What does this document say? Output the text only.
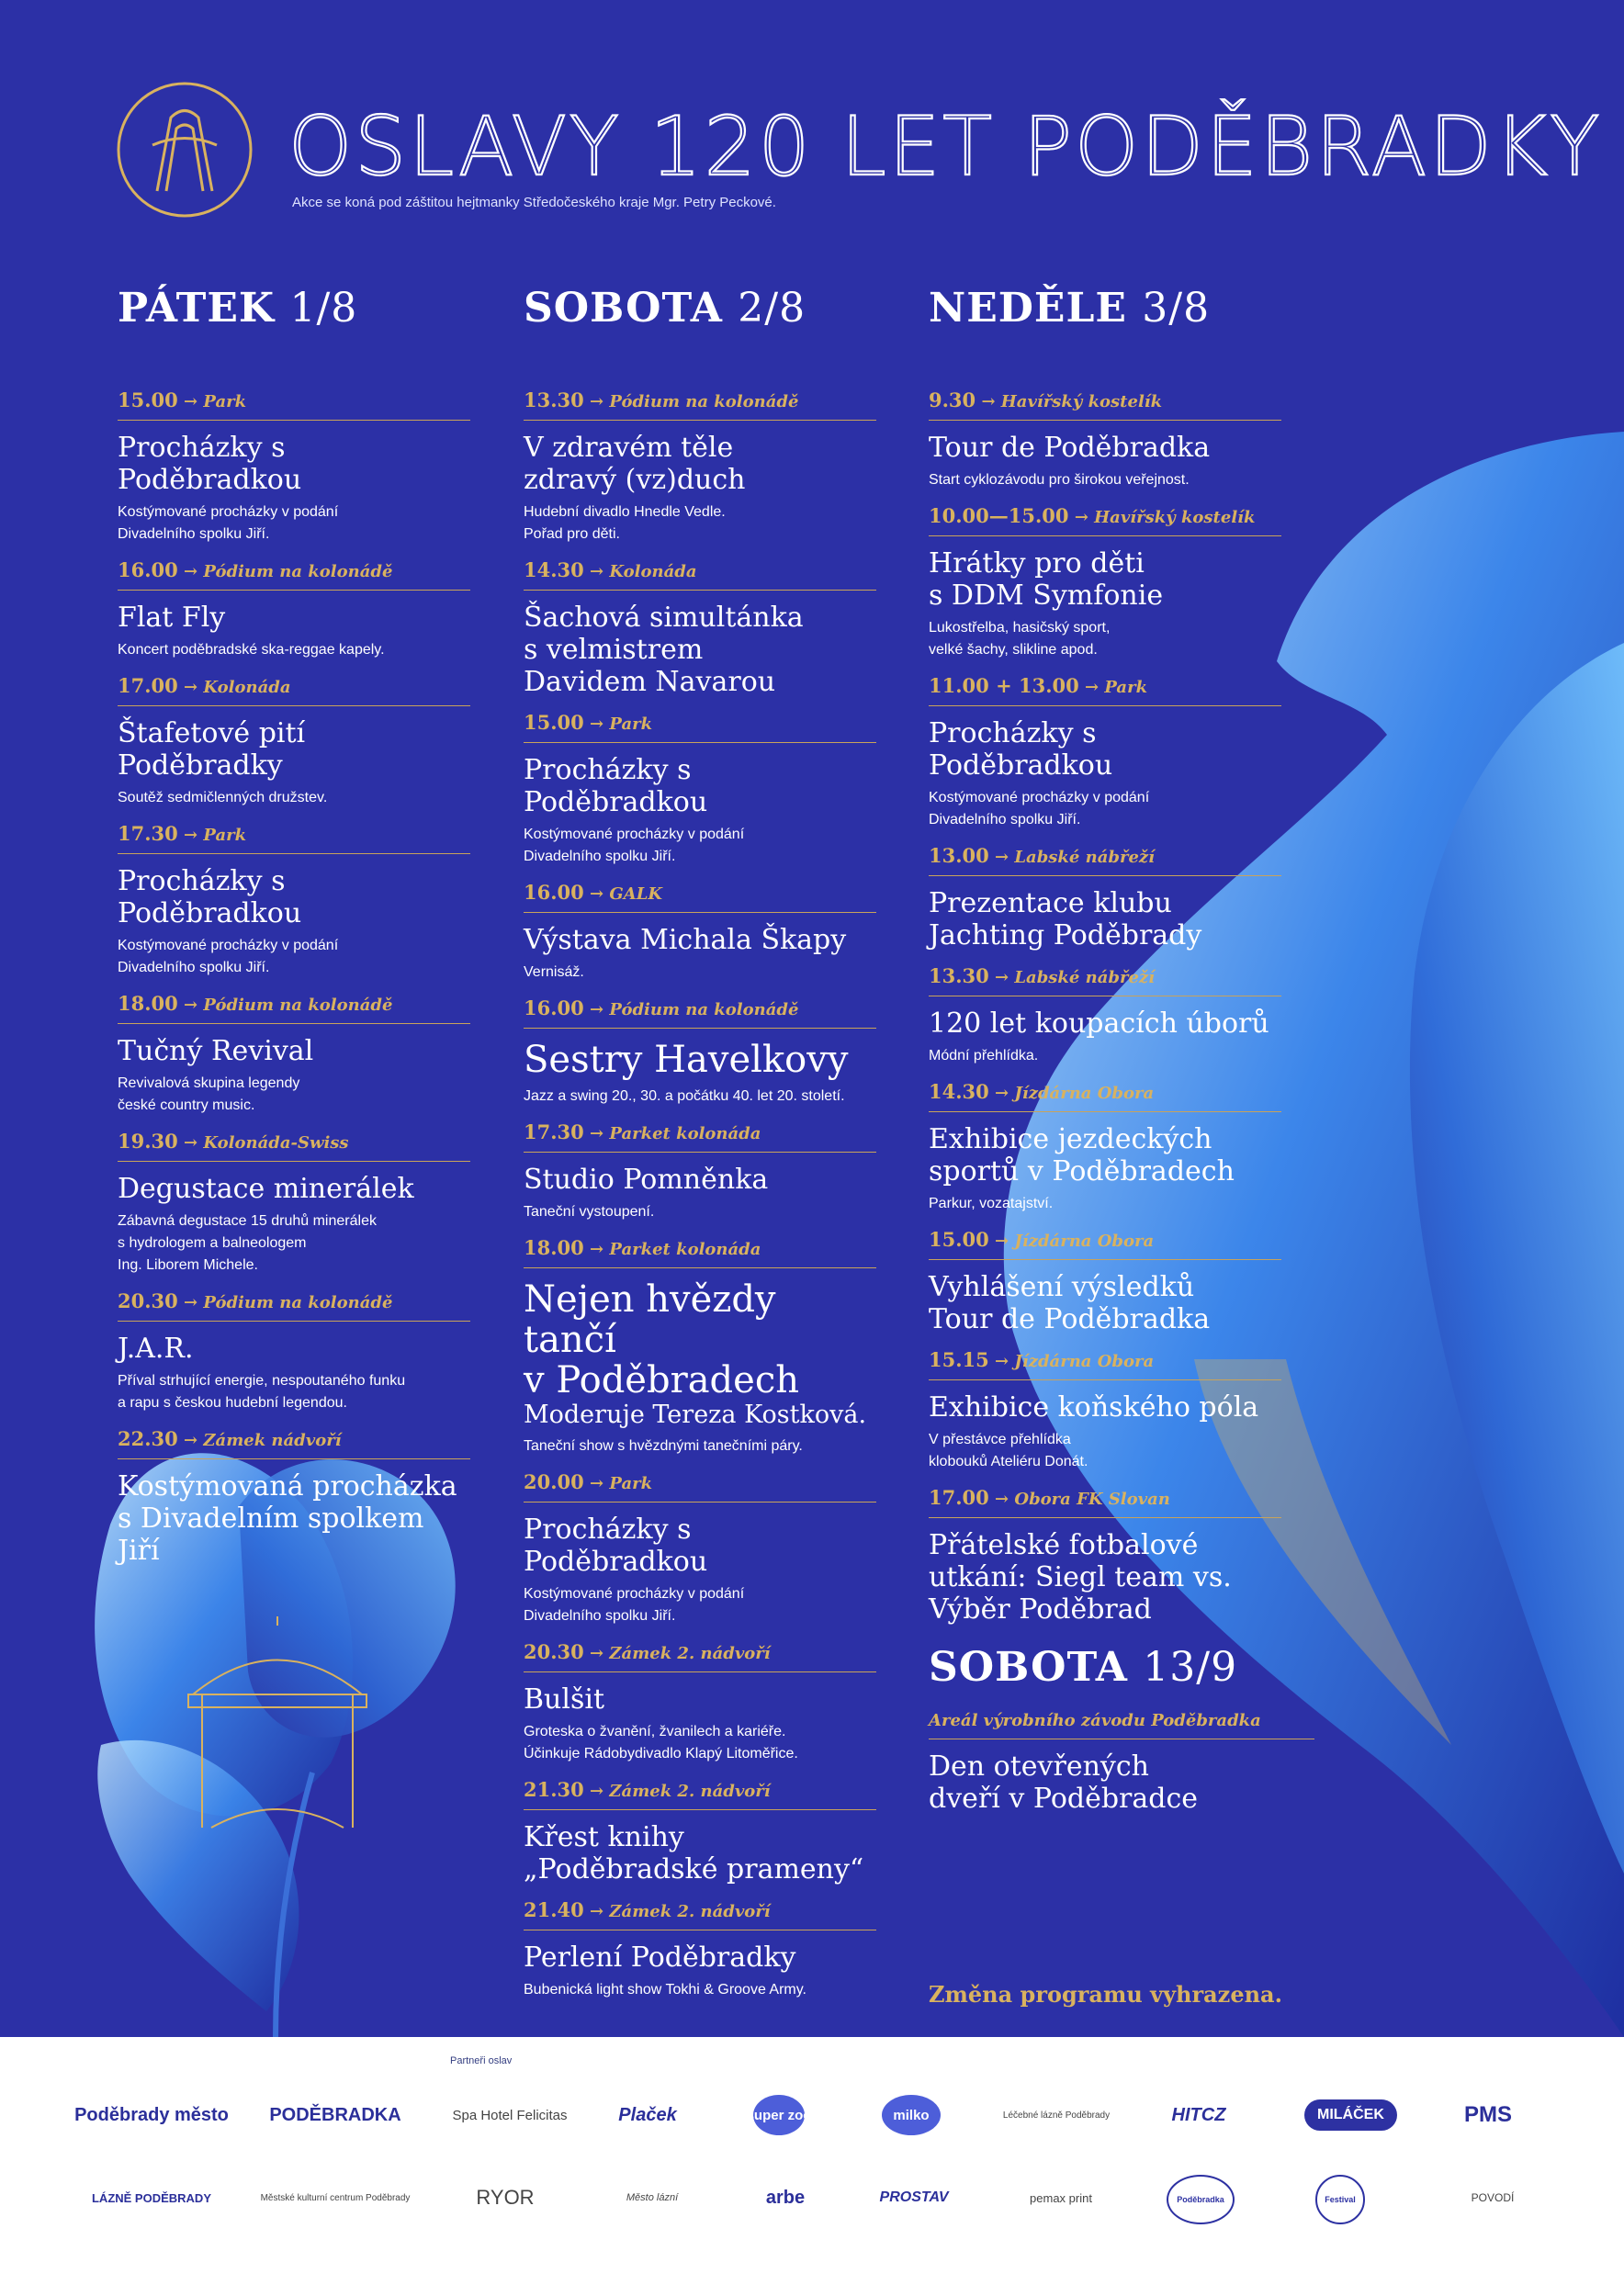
OSLAVY 120 LET PODĚBRADKY
Akce se koná pod záštitou hejtmanky Středočeského kraje Mgr. Petry Peckové.
PÁTEK 1/8
15.00 → Park
Procházky s Poděbradkou
Kostýmované procházky v podání
Divadelního spolku Jiří.
16.00 → Pódium na kolonádě
Flat Fly
Koncert poděbradské ska-reggae kapely.
17.00 → Kolonáda
Štafetové pití Poděbradky
Soutěž sedmičlenných družstev.
17.30 → Park
Procházky s Poděbradkou
Kostýmované procházky v podání
Divadelního spolku Jiří.
18.00 → Pódium na kolonádě
Tučný Revival
Revivalová skupina legendy
české country music.
19.30 → Kolonáda-Swiss
Degustace minerálek
Zábavná degustace 15 druhů minerálek
s hydrologem a balneologem
Ing. Liborem Michele.
20.30 → Pódium na kolonádě
J.A.R.
Příval strhující energie, nespoutaného funku
a rapu s českou hudební legendou.
22.30 → Zámek nádvoří
Kostýmovaná procházka
s Divadelním spolkem Jiří
SOBOTA 2/8
13.30 → Pódium na kolonádě
V zdravém těle
zdravý (vz)duch
Hudební divadlo Hnedle Vedle.
Pořad pro děti.
14.30 → Kolonáda
Šachová simultánka
s velmistrem
Davidem Navarou
15.00 → Park
Procházky s Poděbradkou
Kostýmované procházky v podání
Divadelního spolku Jiří.
16.00 → GALK
Výstava Michala Škapy
Vernisáž.
16.00 → Pódium na kolonádě
Sestry Havelkovy
Jazz a swing 20., 30. a počátku 40. let 20. století.
17.30 → Parket kolonáda
Studio Pomněnka
Taneční vystoupení.
18.00 → Parket kolonáda
Nejen hvězdy tančí
v Poděbradech
Moderuje Tereza Kostková.
Taneční show s hvězdnými tanečními páry.
20.00 → Park
Procházky s Poděbradkou
Kostýmované procházky v podání
Divadelního spolku Jiří.
20.30 → Zámek 2. nádvoří
Bulšit
Groteska o žvanění, žvanilech a kariéře.
Účinkuje Rádobydivadlo Klapý Litoměřice.
21.30 → Zámek 2. nádvoří
Křest knihy
„Poděbradské prameny“
21.40 → Zámek 2. nádvoří
Perlení Poděbradky
Bubenická light show Tokhi & Groove Army.
NEDĚLE 3/8
9.30 → Havířský kostelík
Tour de Poděbradka
Start cyklozávodu pro širokou veřejnost.
10.00—15.00 → Havířský kostelík
Hrátky pro děti
s DDM Symfonie
Lukostřelba, hasičský sport,
velké šachy, slikline apod.
11.00 + 13.00 → Park
Procházky s Poděbradkou
Kostýmované procházky v podání
Divadelního spolku Jiří.
13.00 → Labské nábřeží
Prezentace klubu
Jachting Poděbrady
13.30 → Labské nábřeží
120 let koupacích úborů
Módní přehlídka.
14.30 → Jízdárna Obora
Exhibice jezdeckých
sportů v Poděbradech
Parkur, vozatajství.
15.00 → Jízdárna Obora
Vyhlášení výsledků
Tour de Poděbradka
15.15 → Jízdárna Obora
Exhibice koňského póla
V přestávce přehlídka
klobouků Ateliéru Donát.
17.00 → Obora FK Slovan
Přátelské fotbalové
utkání: Siegl team vs.
Výběr Poděbrad
SOBOTA 13/9
Areál výrobního závodu Poděbradka
Den otevřených
dveří v Poděbradce
Změna programu vyhrazena.
Partneři oslav
Poděbrady město PODĚBRADKA	Spa Hotel Felicitas	Plaček	super zoo	milko	Léčebné lázně Poděbrady	HITCZ	MILÁČEK	PMS
LÁZNĚ PODĚBRADY	Městské kulturní centrum Poděbrady	RYOR	Město lázní	arbe	PROSTAV	pemax print	Poděbradka	Festival	POVODÍ
